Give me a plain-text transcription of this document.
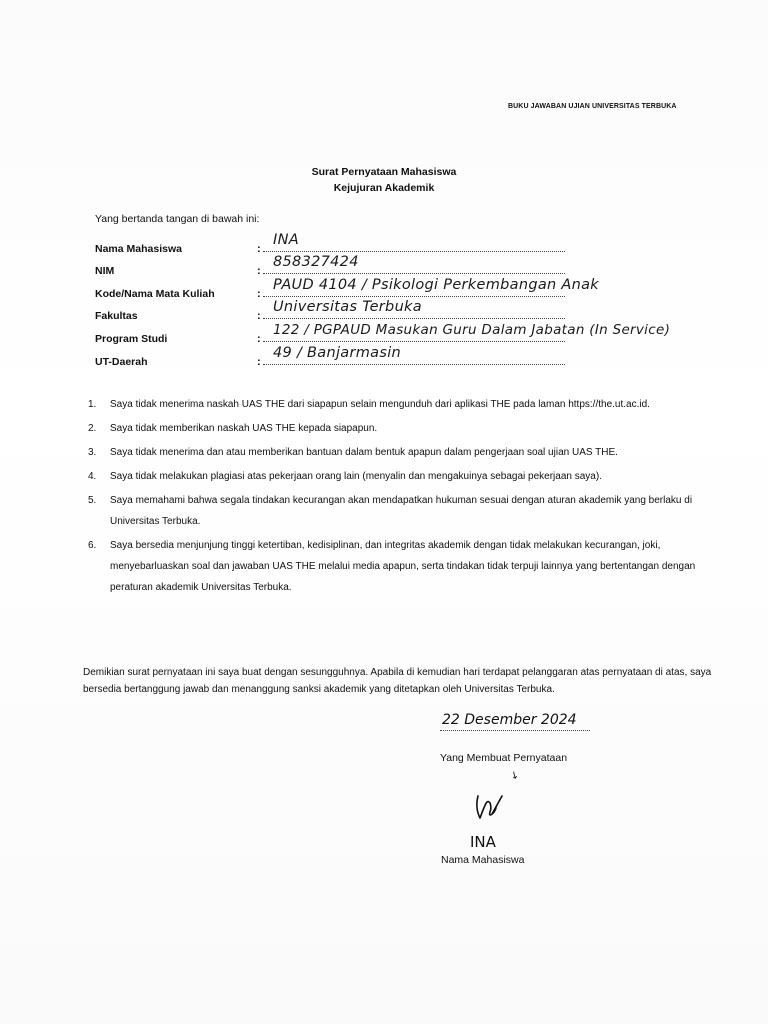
BUKU JAWABAN UJIAN UNIVERSITAS TERBUKA
Surat Pernyataan Mahasiswa
Kejujuran Akademik
Yang bertanda tangan di bawah ini:
Nama Mahasiswa	:
INA
NIM	:
858327424
Kode/Nama Mata Kuliah	:
PAUD 4104 / Psikologi Perkembangan Anak
Fakultas	:
Universitas Terbuka
Program Studi	:
122 / PGPAUD Masukan Guru Dalam Jabatan (In Service)
UT-Daerah	:
49 / Banjarmasin
1. Saya tidak menerima naskah UAS THE dari siapapun selain mengunduh dari aplikasi THE pada laman https://the.ut.ac.id.
2. Saya tidak memberikan naskah UAS THE kepada siapapun.
3. Saya tidak menerima dan atau memberikan bantuan dalam bentuk apapun dalam pengerjaan soal ujian UAS THE.
4. Saya tidak melakukan plagiasi atas pekerjaan orang lain (menyalin dan mengakuinya sebagai pekerjaan saya).
5. Saya memahami bahwa segala tindakan kecurangan akan mendapatkan hukuman sesuai dengan aturan akademik yang berlaku di Universitas Terbuka.
6. Saya bersedia menjunjung tinggi ketertiban, kedisiplinan, dan integritas akademik dengan tidak melakukan kecurangan, joki, menyebarluaskan soal dan jawaban UAS THE melalui media apapun, serta tindakan tidak terpuji lainnya yang bertentangan dengan peraturan akademik Universitas Terbuka.
Demikian surat pernyataan ini saya buat dengan sesungguhnya. Apabila di kemudian hari terdapat pelanggaran atas pernyataan di atas, saya bersedia bertanggung jawab dan menanggung sanksi akademik yang ditetapkan oleh Universitas Terbuka.
22 Desember 2024
Yang Membuat Pernyataan
↘
INA
Nama Mahasiswa
